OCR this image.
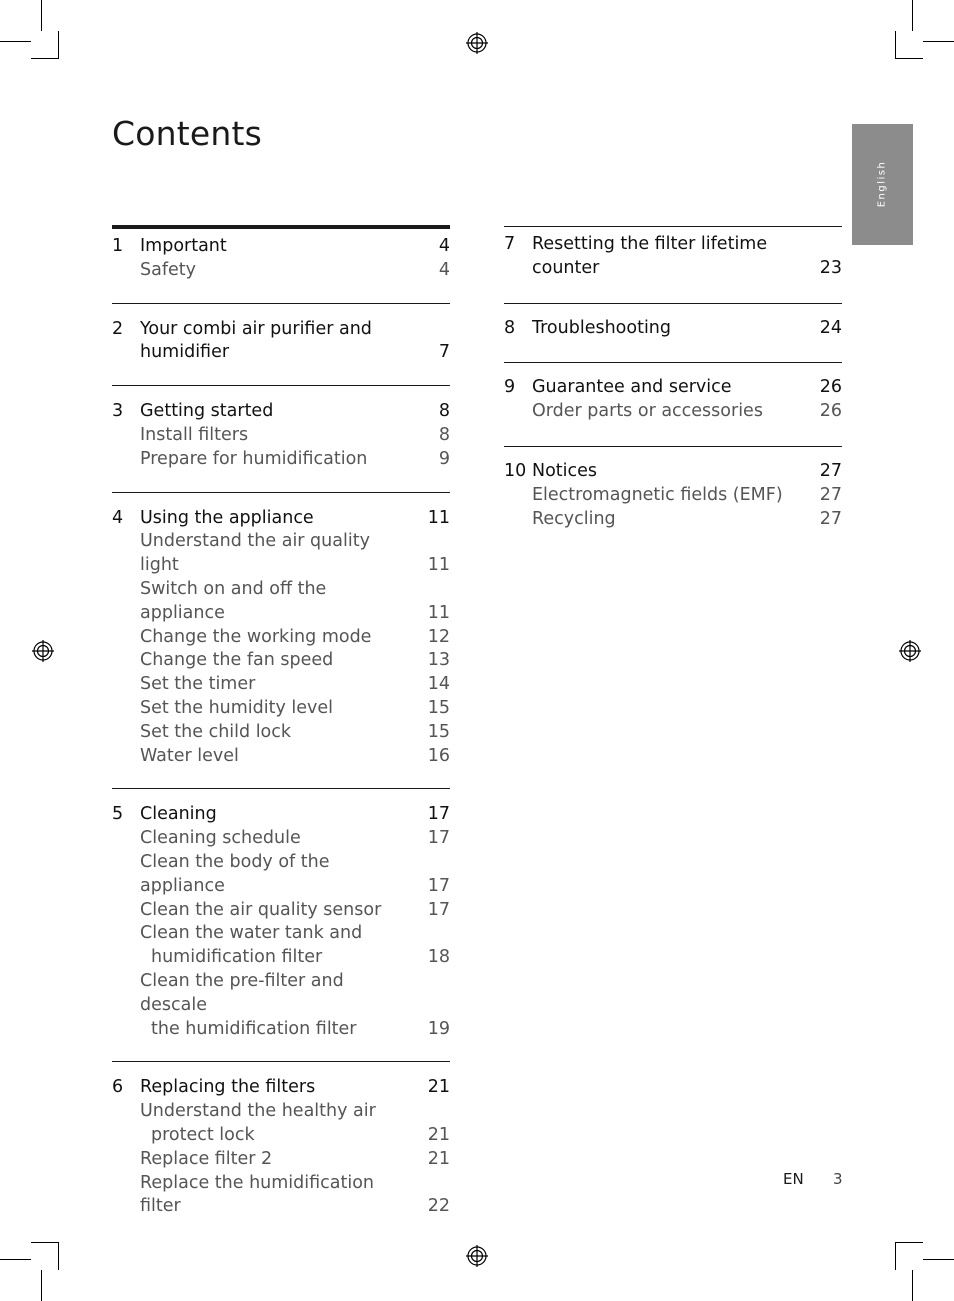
Contents
English
1 Important	4
Safety	4
2 Your combi air purifier and
humidifier	7
3 Getting started	8
Install filters	8
Prepare for humidification	9
4 Using the appliance	11
Understand the air quality light	11
Switch on and off the appliance	11
Change the working mode	12
Change the fan speed	13
Set the timer	14
Set the humidity level	15
Set the child lock	15
Water level	16
5 Cleaning	17
Cleaning schedule	17
Clean the body of the appliance	17
Clean the air quality sensor	17
Clean the water tank and
humidification filter	18
Clean the pre-filter and descale
the humidification filter	19
6 Replacing the filters	21
Understand the healthy air
protect lock	21
Replace filter 2	21
Replace the humidification filter	22
7 Resetting the filter lifetime
counter	23
8 Troubleshooting	24
9 Guarantee and service	26
Order parts or accessories	26
10 Notices	27
Electromagnetic fields (EMF)	27
Recycling	27
EN 3
